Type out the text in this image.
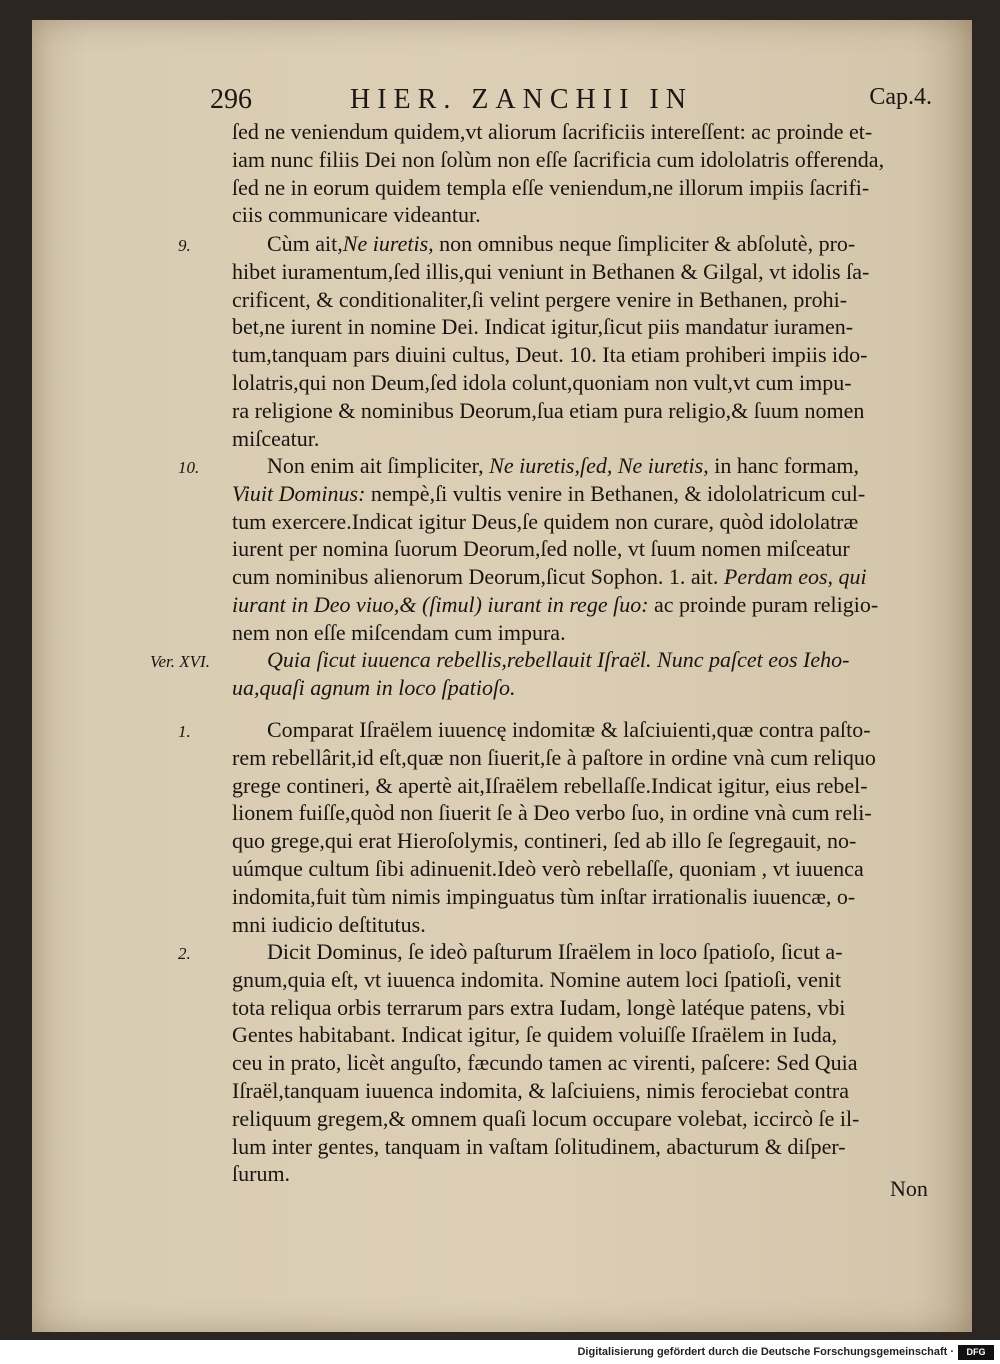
296	HIER. ZANCHII IN	Cap.4.
ſed ne veniendum quidem,vt aliorum ſacrificiis intereſſent: ac proinde et-
iam nunc filiis Dei non ſolùm non eſſe ſacrificia cum idololatris offerenda,
ſed ne in eorum quidem templa eſſe veniendum,ne illorum impiis ſacrifi-
ciis communicare videantur.
9.	Cùm ait,Ne iuretis, non omnibus neque ſimpliciter & abſolutè, pro-
hibet iuramentum,ſed illis,qui veniunt in Bethanen & Gilgal, vt idolis ſa-
crificent, & conditionaliter,ſi velint pergere venire in Bethanen, prohi-
bet,ne iurent in nomine Dei. Indicat igitur,ſicut piis mandatur iuramen-
tum,tanquam pars diuini cultus, Deut. 10. Ita etiam prohiberi impiis ido-
lolatris,qui non Deum,ſed idola colunt,quoniam non vult,vt cum impu-
ra religione & nominibus Deorum,ſua etiam pura religio,& ſuum nomen
miſceatur.
10.	Non enim ait ſimpliciter, Ne iuretis,ſed, Ne iuretis, in hanc formam,
Viuit Dominus: nempè,ſi vultis venire in Bethanen, & idololatricum cul-
tum exercere.Indicat igitur Deus,ſe quidem non curare, quòd idololatræ
iurent per nomina ſuorum Deorum,ſed nolle, vt ſuum nomen miſceatur
cum nominibus alienorum Deorum,ſicut Sophon. 1. ait. Perdam eos, qui
iurant in Deo viuo,& (ſimul) iurant in rege ſuo: ac proinde puram religio-
nem non eſſe miſcendam cum impura.
Ver. XVI.	Quia ſicut iuuenca rebellis,rebellauit Iſraël. Nunc paſcet eos Ieho-
ua,quaſi agnum in loco ſpatioſo.
1.	Comparat Iſraëlem iuuencę indomitæ & laſciuienti,quæ contra paſto-
rem rebellârit,id eſt,quæ non ſiuerit,ſe à paſtore in ordine vnà cum reliquo
grege contineri, & apertè ait,Iſraëlem rebellaſſe.Indicat igitur, eius rebel-
lionem fuiſſe,quòd non ſiuerit ſe à Deo verbo ſuo, in ordine vnà cum reli-
quo grege,qui erat Hieroſolymis, contineri, ſed ab illo ſe ſegregauit, no-
uúmque cultum ſibi adinuenit.Ideò verò rebellaſſe, quoniam , vt iuuenca
indomita,fuit tùm nimis impinguatus tùm inſtar irrationalis iuuencæ, o-
mni iudicio deſtitutus.
2.	Dicit Dominus, ſe ideò paſturum Iſraëlem in loco ſpatioſo, ſicut a-
gnum,quia eſt, vt iuuenca indomita. Nomine autem loci ſpatioſi, venit
tota reliqua orbis terrarum pars extra Iudam, longè latéque patens, vbi
Gentes habitabant. Indicat igitur, ſe quidem voluiſſe Iſraëlem in Iuda,
ceu in prato, licèt anguſto, fæcundo tamen ac virenti, paſcere: Sed Quia
Iſraël,tanquam iuuenca indomita, & laſciuiens, nimis ferociebat contra
reliquum gregem,& omnem quaſi locum occupare volebat, iccircò ſe il-
lum inter gentes, tanquam in vaſtam ſolitudinem, abacturum & diſper-
ſurum.
Non
Digitalisierung gefördert durch die Deutsche Forschungsgemeinschaft ·	DFG
